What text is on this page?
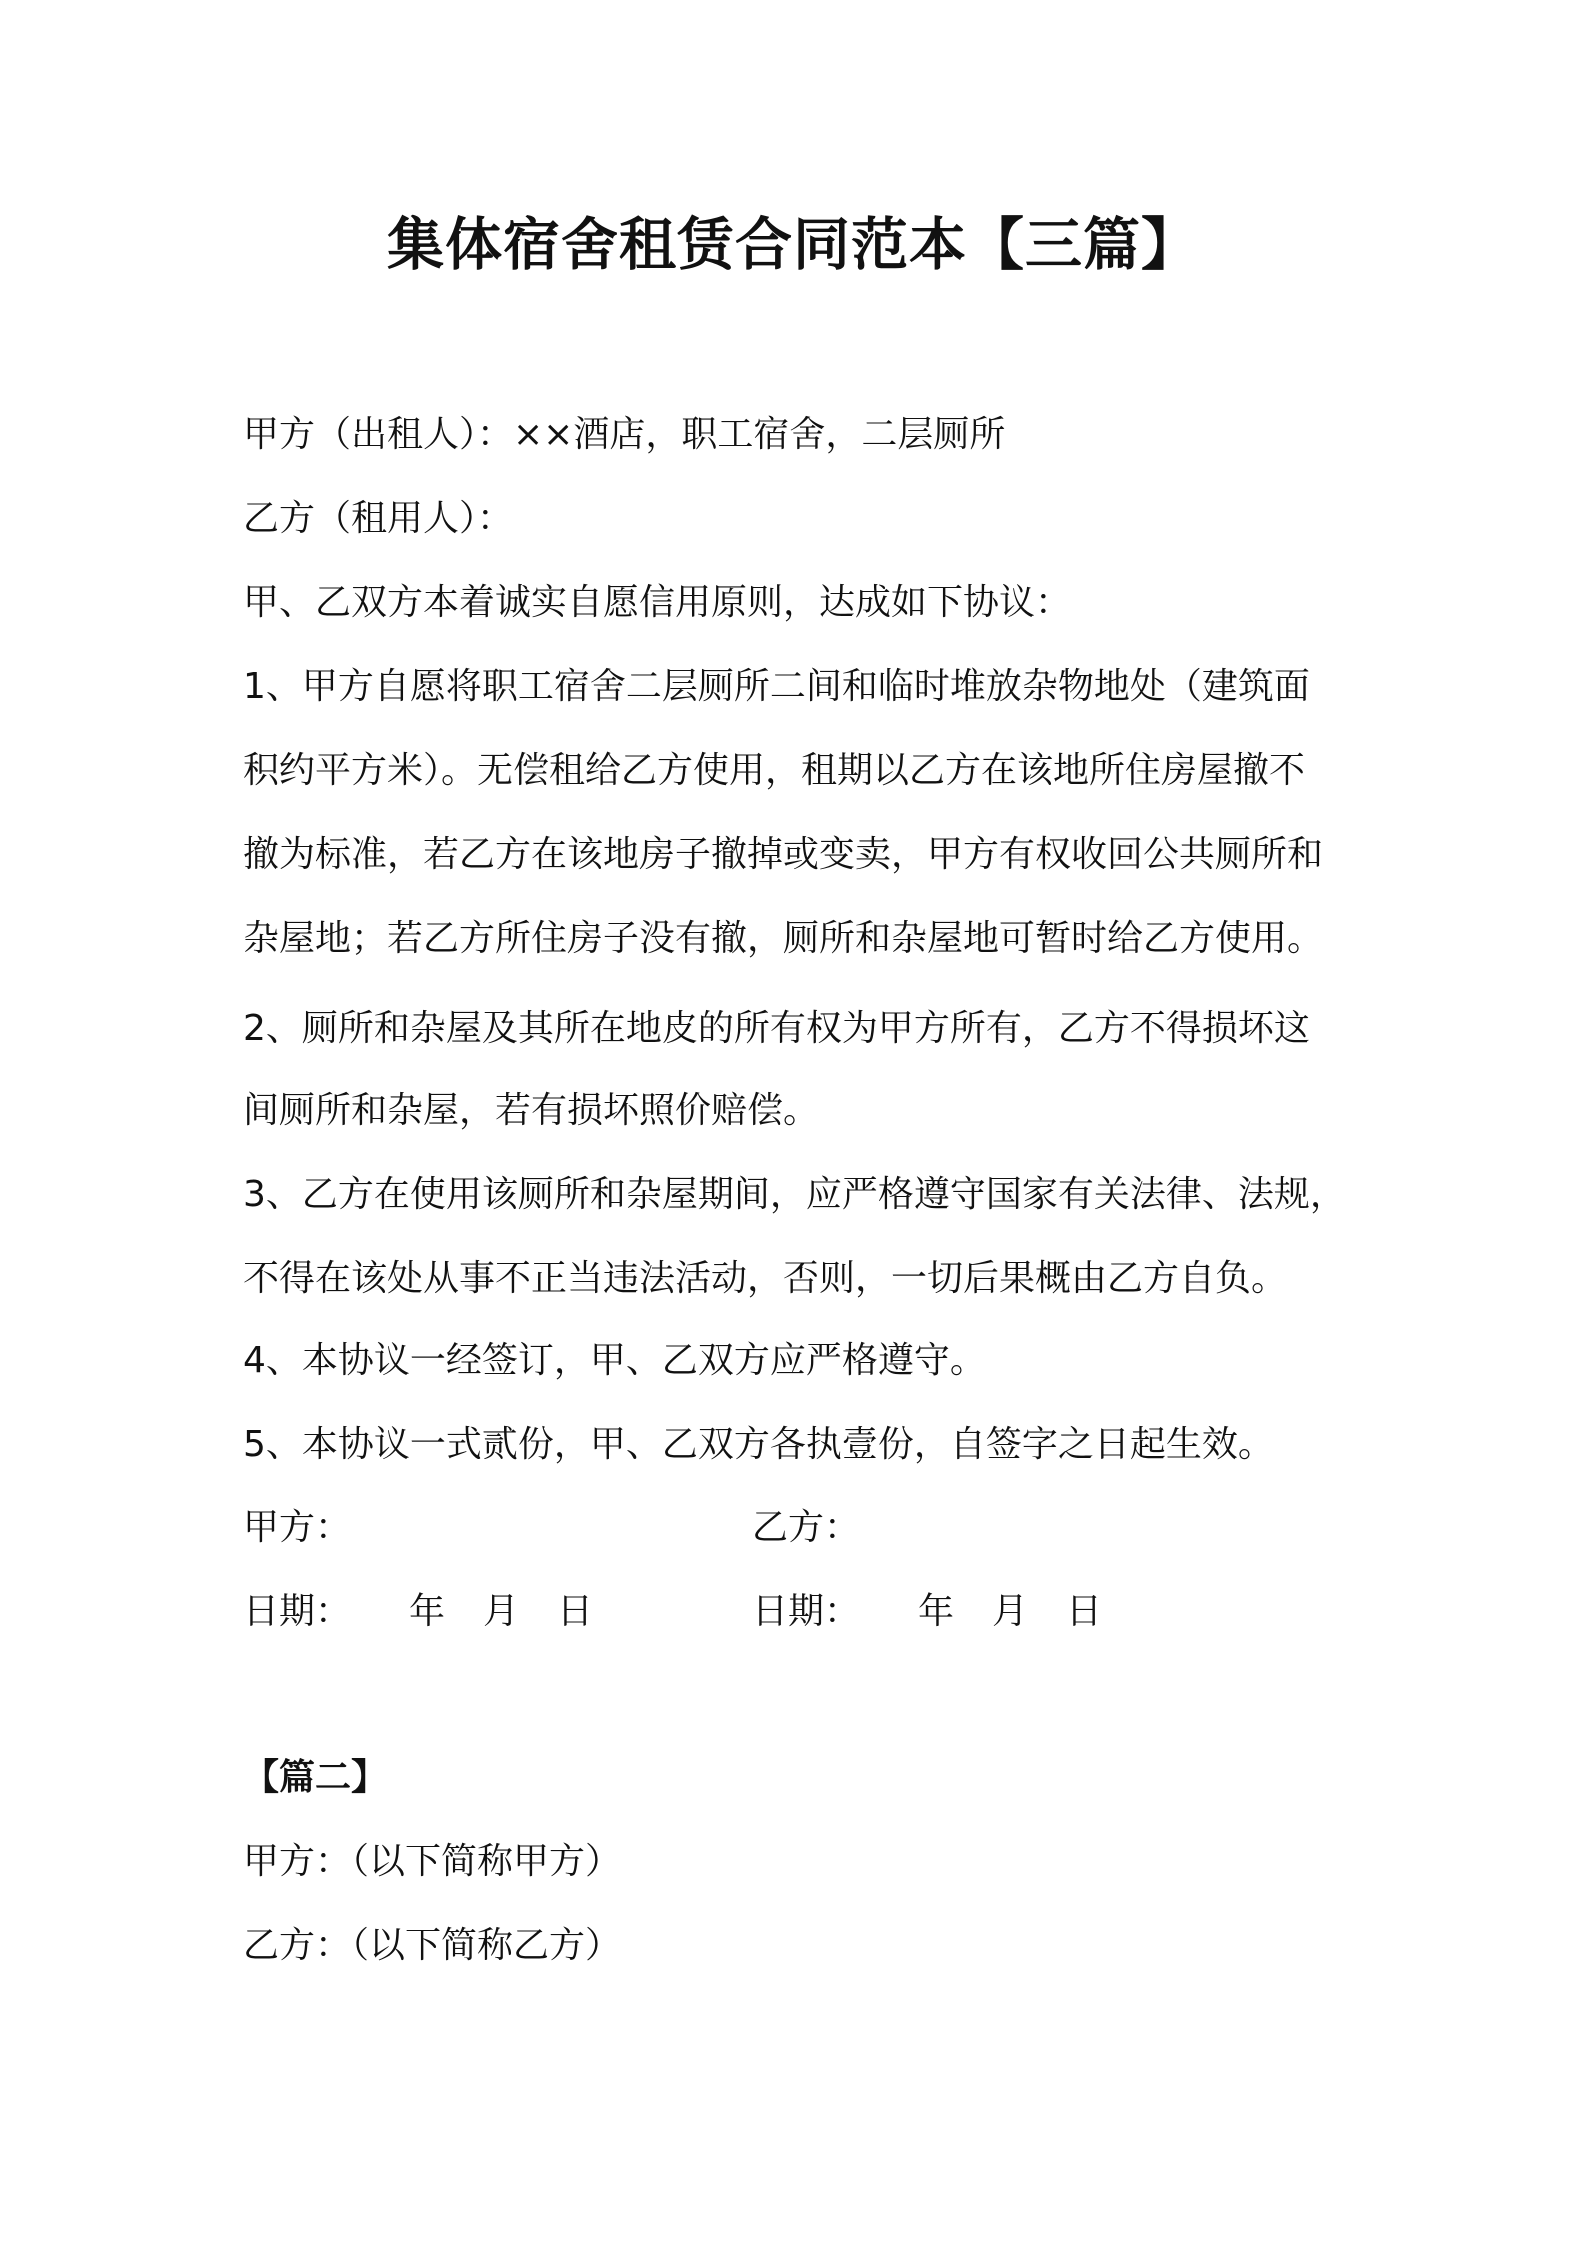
集体宿舍租赁合同范本【三篇】
甲方（出租人）：××酒店，职工宿舍，二层厕所
乙方（租用人）：
甲、乙双方本着诚实自愿信用原则，达成如下协议：
1、甲方自愿将职工宿舍二层厕所二间和临时堆放杂物地处（建筑面
积约平方米）。无偿租给乙方使用，租期以乙方在该地所住房屋撤不
撤为标准，若乙方在该地房子撤掉或变卖，甲方有权收回公共厕所和
杂屋地；若乙方所住房子没有撤，厕所和杂屋地可暂时给乙方使用。
2、厕所和杂屋及其所在地皮的所有权为甲方所有，乙方不得损坏这
间厕所和杂屋，若有损坏照价赔偿。
3、乙方在使用该厕所和杂屋期间，应严格遵守国家有关法律、法规，
不得在该处从事不正当违法活动，否则，一切后果概由乙方自负。
4、本协议一经签订，甲、乙双方应严格遵守。
5、本协议一式贰份，甲、乙双方各执壹份，自签字之日起生效。
甲方：	乙方：
日期： 年 月 日	日期： 年 月 日
【篇二】
甲方：（以下简称甲方）
乙方：（以下简称乙方）
